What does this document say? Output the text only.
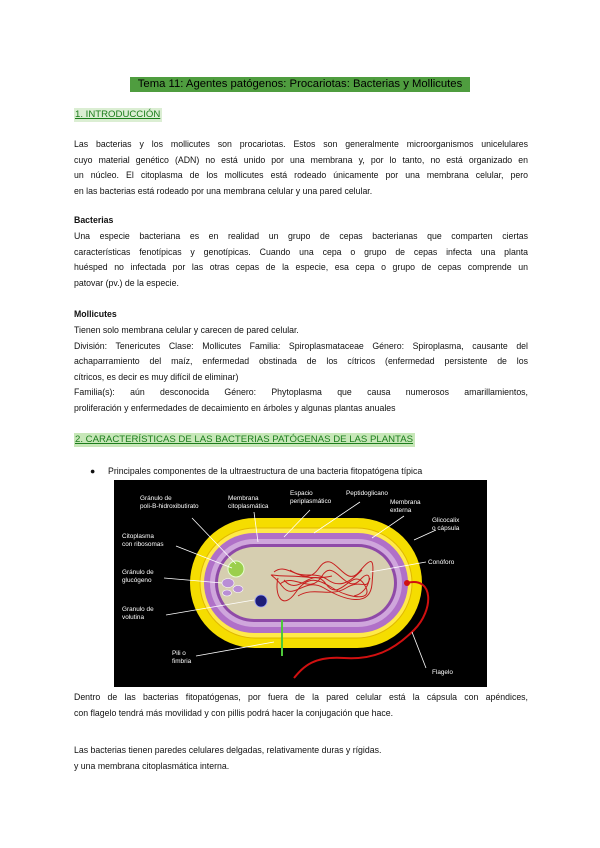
Tema 11: Agentes patógenos: Procariotas: Bacterias y Mollicutes
1. INTRODUCCIÓN

Las bacterias y los mollicutes son procariotas. Estos son generalmente microorganismos unicelulares
cuyo material genético (ADN) no está unido por una membrana y, por lo tanto, no está organizado en
un núcleo. El citoplasma de los mollicutes está rodeado únicamente por una membrana celular, pero
en las bacterias está rodeado por una membrana celular y una pared celular.

Bacterias

Una especie bacteriana es en realidad un grupo de cepas bacterianas que comparten ciertas
características fenotípicas y genotípicas. Cuando una cepa o grupo de cepas infecta una planta
huésped no infectada por las otras cepas de la especie, esa cepa o grupo de cepas comprende un
patovar (pv.) de la especie.

Mollicutes

Tienen solo membrana celular y carecen de pared celular.
División: Tenericutes Clase: Mollicutes Familia: Spiroplasmataceae Género: Spiroplasma, causante del
achaparramiento del maíz, enfermedad obstinada de los cítricos (enfermedad persistente de los
cítricos, es decir es muy difícil de eliminar)
Familia(s): aún desconocida Género: Phytoplasma que causa numerosos amarillamientos,
proliferación y enfermedades de decaimiento en árboles y algunas plantas anuales

2. CARACTERÍSTICAS DE LAS BACTERIAS PATÓGENAS DE LAS PLANTAS
● Principales componentes de la ultraestructura de una bacteria fitopatógena típica
Gránulo de poli-B-hidroxibutirato
Membrana citoplasmática
Espacio periplasmático
Peptidoglicano
Membrana externa
Glicocalix o cápsula
Citoplasma con ribosomas
Conóforo
Gránulo de glucógeno
Granulo de volutina
Pili o fimbria
Flagelo

Dentro de las bacterias fitopatógenas, por fuera de la pared celular está la cápsula con apéndices,
con flagelo tendrá más movilidad y con pillis podrá hacer la conjugación que hace.

Las bacterias tienen paredes celulares delgadas, relativamente duras y rígidas.
y una membrana citoplasmática interna.
